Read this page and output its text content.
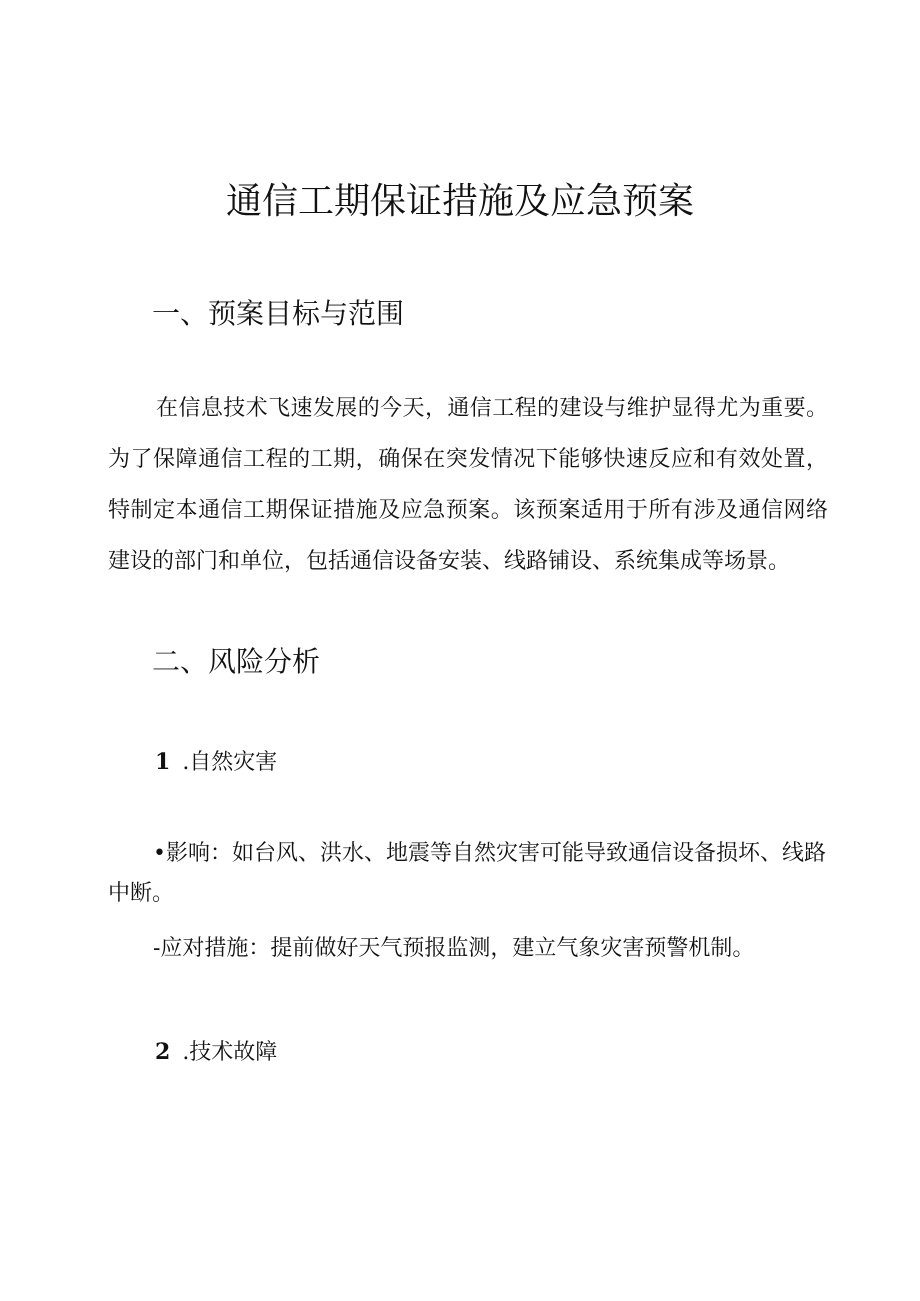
通信工期保证措施及应急预案
一、预案目标与范围

在信息技术飞速发展的今天，通信工程的建设与维护显得尤为重要。为了保障通信工程的工期，确保在突发情况下能够快速反应和有效处置，特制定本通信工期保证措施及应急预案。该预案适用于所有涉及通信网络建设的部门和单位，包括通信设备安装、线路铺设、系统集成等场景。

二、风险分析
1 .自然灾害

•影响：如台风、洪水、地震等自然灾害可能导致通信设备损坏、线路中断。

-应对措施：提前做好天气预报监测，建立气象灾害预警机制。

2 .技术故障
